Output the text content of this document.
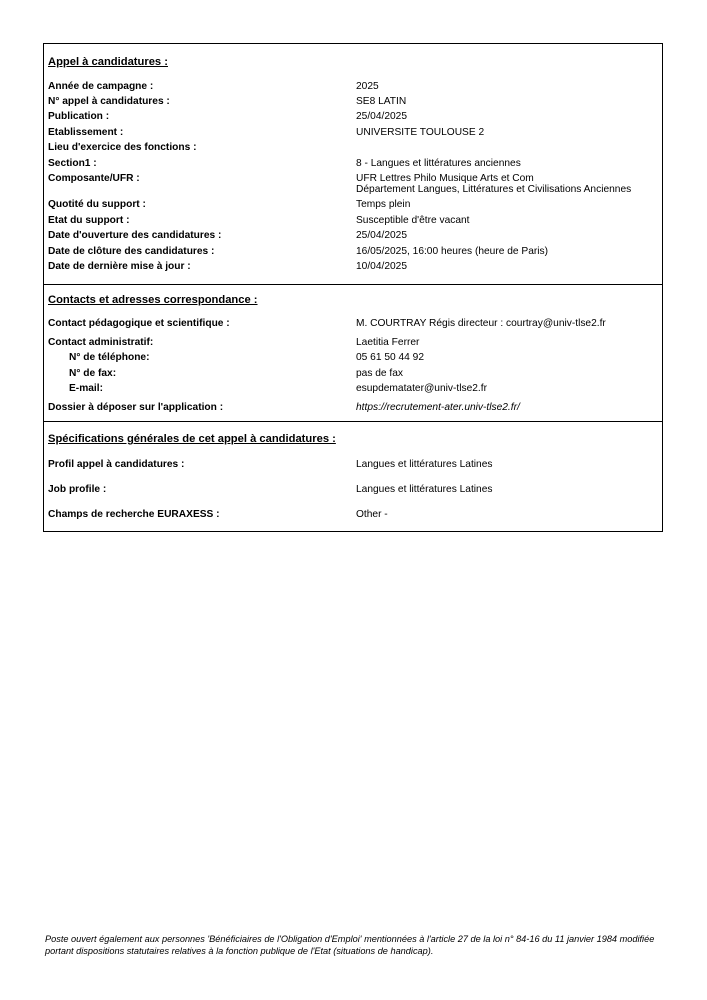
Appel à candidatures :
Année de campagne :	2025
N° appel à candidatures :	SE8 LATIN
Publication :	25/04/2025
Etablissement :	UNIVERSITE TOULOUSE 2
Lieu d'exercice des fonctions :
Section1 :	8 - Langues et littératures anciennes
Composante/UFR :	UFR Lettres Philo Musique Arts et Com
Département Langues, Littératures et Civilisations Anciennes
Quotité du support :	Temps plein
Etat du support :	Susceptible d'être vacant
Date d'ouverture des candidatures :	25/04/2025
Date de clôture des candidatures :	16/05/2025, 16:00 heures (heure de Paris)
Date de dernière mise à jour :	10/04/2025
Contacts et adresses correspondance :
Contact pédagogique et scientifique :	M. COURTRAY Régis directeur : courtray@univ-tlse2.fr
Contact administratif:	Laetitia Ferrer
N° de téléphone:	05 61 50 44 92
N° de fax:	pas de fax
E-mail:	esupdematater@univ-tlse2.fr
Dossier à déposer sur l'application :	https://recrutement-ater.univ-tlse2.fr/
Spécifications générales de cet appel à candidatures :
Profil appel à candidatures :	Langues et littératures Latines
Job profile :	Langues et littératures Latines
Champs de recherche EURAXESS :	Other -
Poste ouvert également aux personnes 'Bénéficiaires de l'Obligation d'Emploi' mentionnées à l'article 27 de la loi n° 84-16 du 11 janvier 1984 modifiée portant dispositions statutaires relatives à la fonction publique de l'Etat (situations de handicap).
